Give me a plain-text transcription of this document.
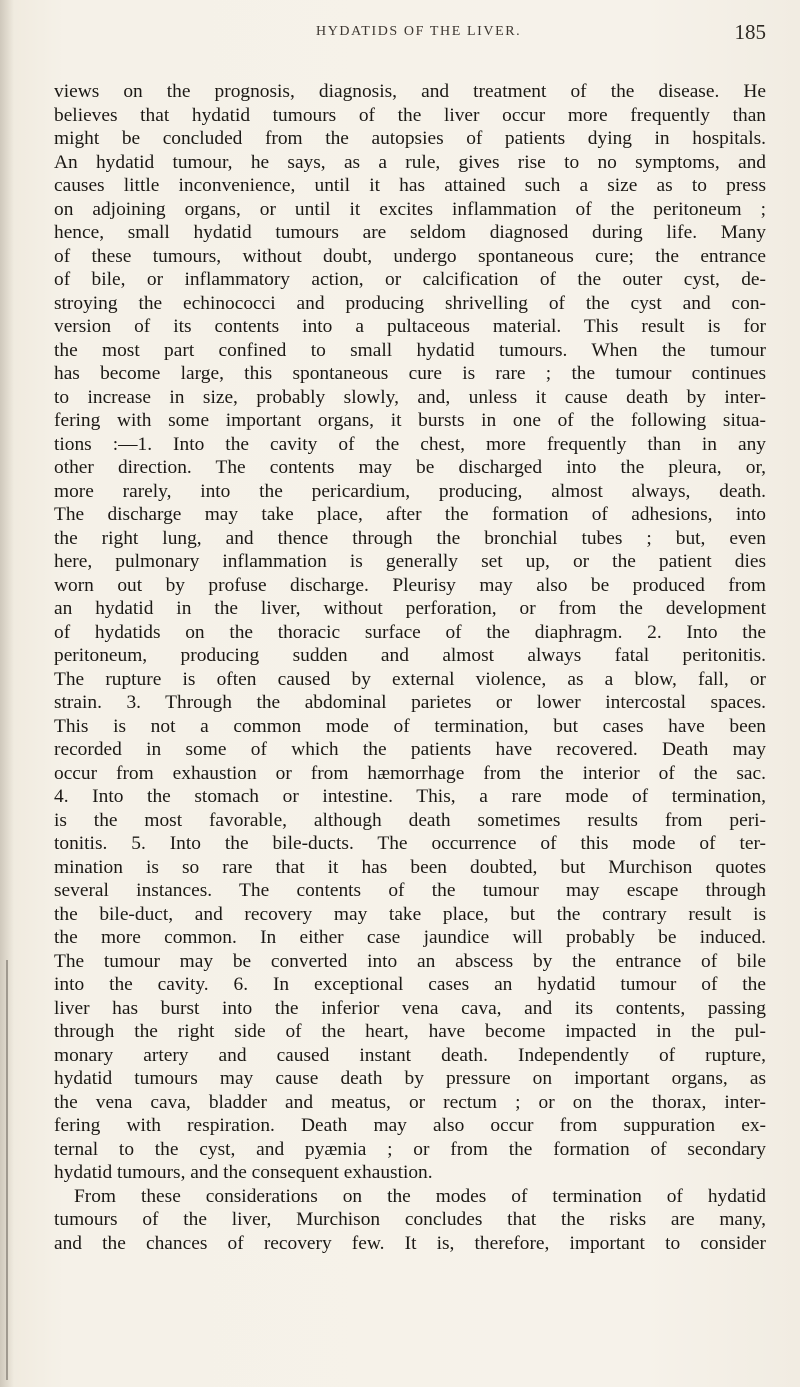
HYDATIDS OF THE LIVER.	185
views on the prognosis, diagnosis, and treatment of the disease. He
believes that hydatid tumours of the liver occur more frequently than
might be concluded from the autopsies of patients dying in hospitals.
An hydatid tumour, he says, as a rule, gives rise to no symptoms, and
causes little inconvenience, until it has attained such a size as to press
on adjoining organs, or until it excites inflammation of the peritoneum ;
hence, small hydatid tumours are seldom diagnosed during life. Many
of these tumours, without doubt, undergo spontaneous cure; the entrance
of bile, or inflammatory action, or calcification of the outer cyst, de-
stroying the echinococci and producing shrivelling of the cyst and con-
version of its contents into a pultaceous material. This result is for
the most part confined to small hydatid tumours. When the tumour
has become large, this spontaneous cure is rare ; the tumour continues
to increase in size, probably slowly, and, unless it cause death by inter-
fering with some important organs, it bursts in one of the following situa-
tions :—1. Into the cavity of the chest, more frequently than in any
other direction. The contents may be discharged into the pleura, or,
more rarely, into the pericardium, producing, almost always, death.
The discharge may take place, after the formation of adhesions, into
the right lung, and thence through the bronchial tubes ; but, even
here, pulmonary inflammation is generally set up, or the patient dies
worn out by profuse discharge. Pleurisy may also be produced from
an hydatid in the liver, without perforation, or from the development
of hydatids on the thoracic surface of the diaphragm. 2. Into the
peritoneum, producing sudden and almost always fatal peritonitis.
The rupture is often caused by external violence, as a blow, fall, or
strain. 3. Through the abdominal parietes or lower intercostal spaces.
This is not a common mode of termination, but cases have been
recorded in some of which the patients have recovered. Death may
occur from exhaustion or from hæmorrhage from the interior of the sac.
4. Into the stomach or intestine. This, a rare mode of termination,
is the most favorable, although death sometimes results from peri-
tonitis. 5. Into the bile-ducts. The occurrence of this mode of ter-
mination is so rare that it has been doubted, but Murchison quotes
several instances. The contents of the tumour may escape through
the bile-duct, and recovery may take place, but the contrary result is
the more common. In either case jaundice will probably be induced.
The tumour may be converted into an abscess by the entrance of bile
into the cavity. 6. In exceptional cases an hydatid tumour of the
liver has burst into the inferior vena cava, and its contents, passing
through the right side of the heart, have become impacted in the pul-
monary artery and caused instant death. Independently of rupture,
hydatid tumours may cause death by pressure on important organs, as
the vena cava, bladder and meatus, or rectum ; or on the thorax, inter-
fering with respiration. Death may also occur from suppuration ex-
ternal to the cyst, and pyæmia ; or from the formation of secondary
hydatid tumours, and the consequent exhaustion.
From these considerations on the modes of termination of hydatid
tumours of the liver, Murchison concludes that the risks are many,
and the chances of recovery few. It is, therefore, important to consider
